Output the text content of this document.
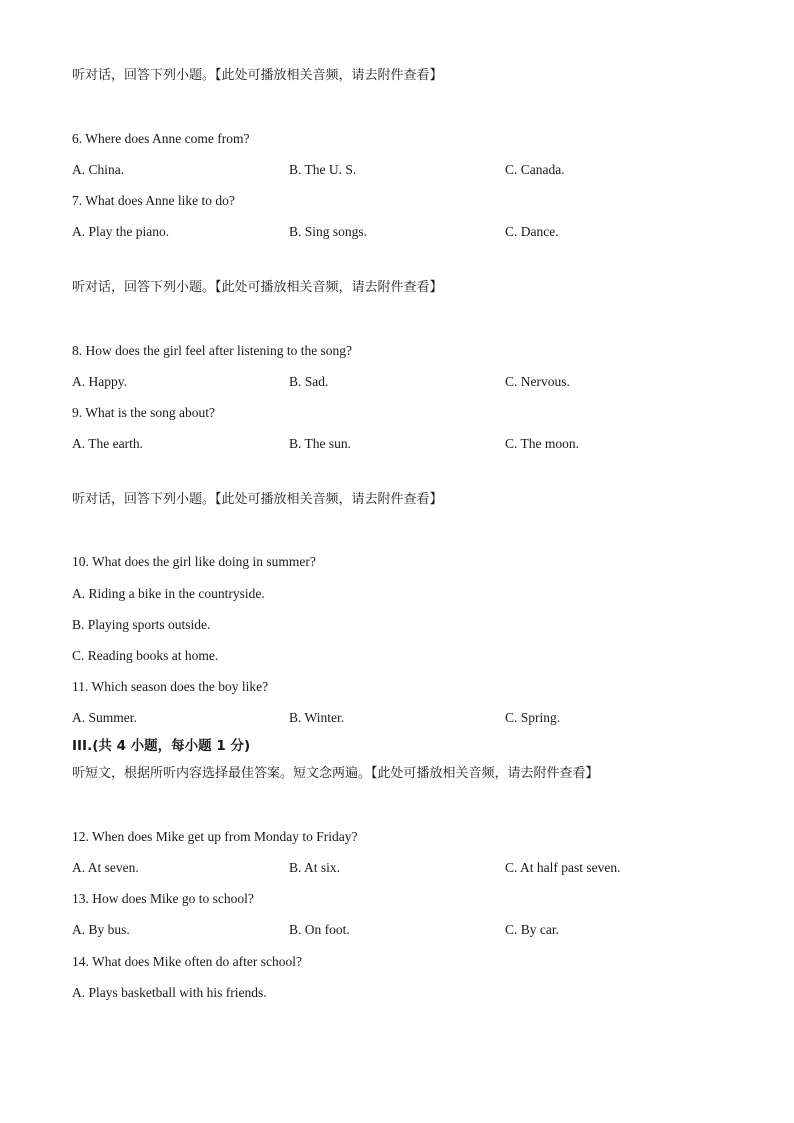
听对话，回答下列小题。【此处可播放相关音频，请去附件查看】
6. Where does Anne come from?
A. China.	B. The U. S.	C. Canada.
7. What does Anne like to do?
A. Play the piano.	B. Sing songs.	C. Dance.
听对话，回答下列小题。【此处可播放相关音频，请去附件查看】
8. How does the girl feel after listening to the song?
A. Happy.	B. Sad.	C. Nervous.
9. What is the song about?
A. The earth.	B. The sun.	C. The moon.
听对话，回答下列小题。【此处可播放相关音频，请去附件查看】
10. What does the girl like doing in summer?
A. Riding a bike in the countryside.
B. Playing sports outside.
C. Reading books at home.
11. Which season does the boy like?
A. Summer.	B. Winter.	C. Spring.
III.(共 4 小题，每小题 1 分)
听短文，根据所听内容选择最佳答案。短文念两遍。【此处可播放相关音频，请去附件查看】
12. When does Mike get up from Monday to Friday?
A. At seven.	B. At six.	C. At half past seven.
13. How does Mike go to school?
A. By bus.	B. On foot.	C. By car.
14. What does Mike often do after school?
A. Plays basketball with his friends.
